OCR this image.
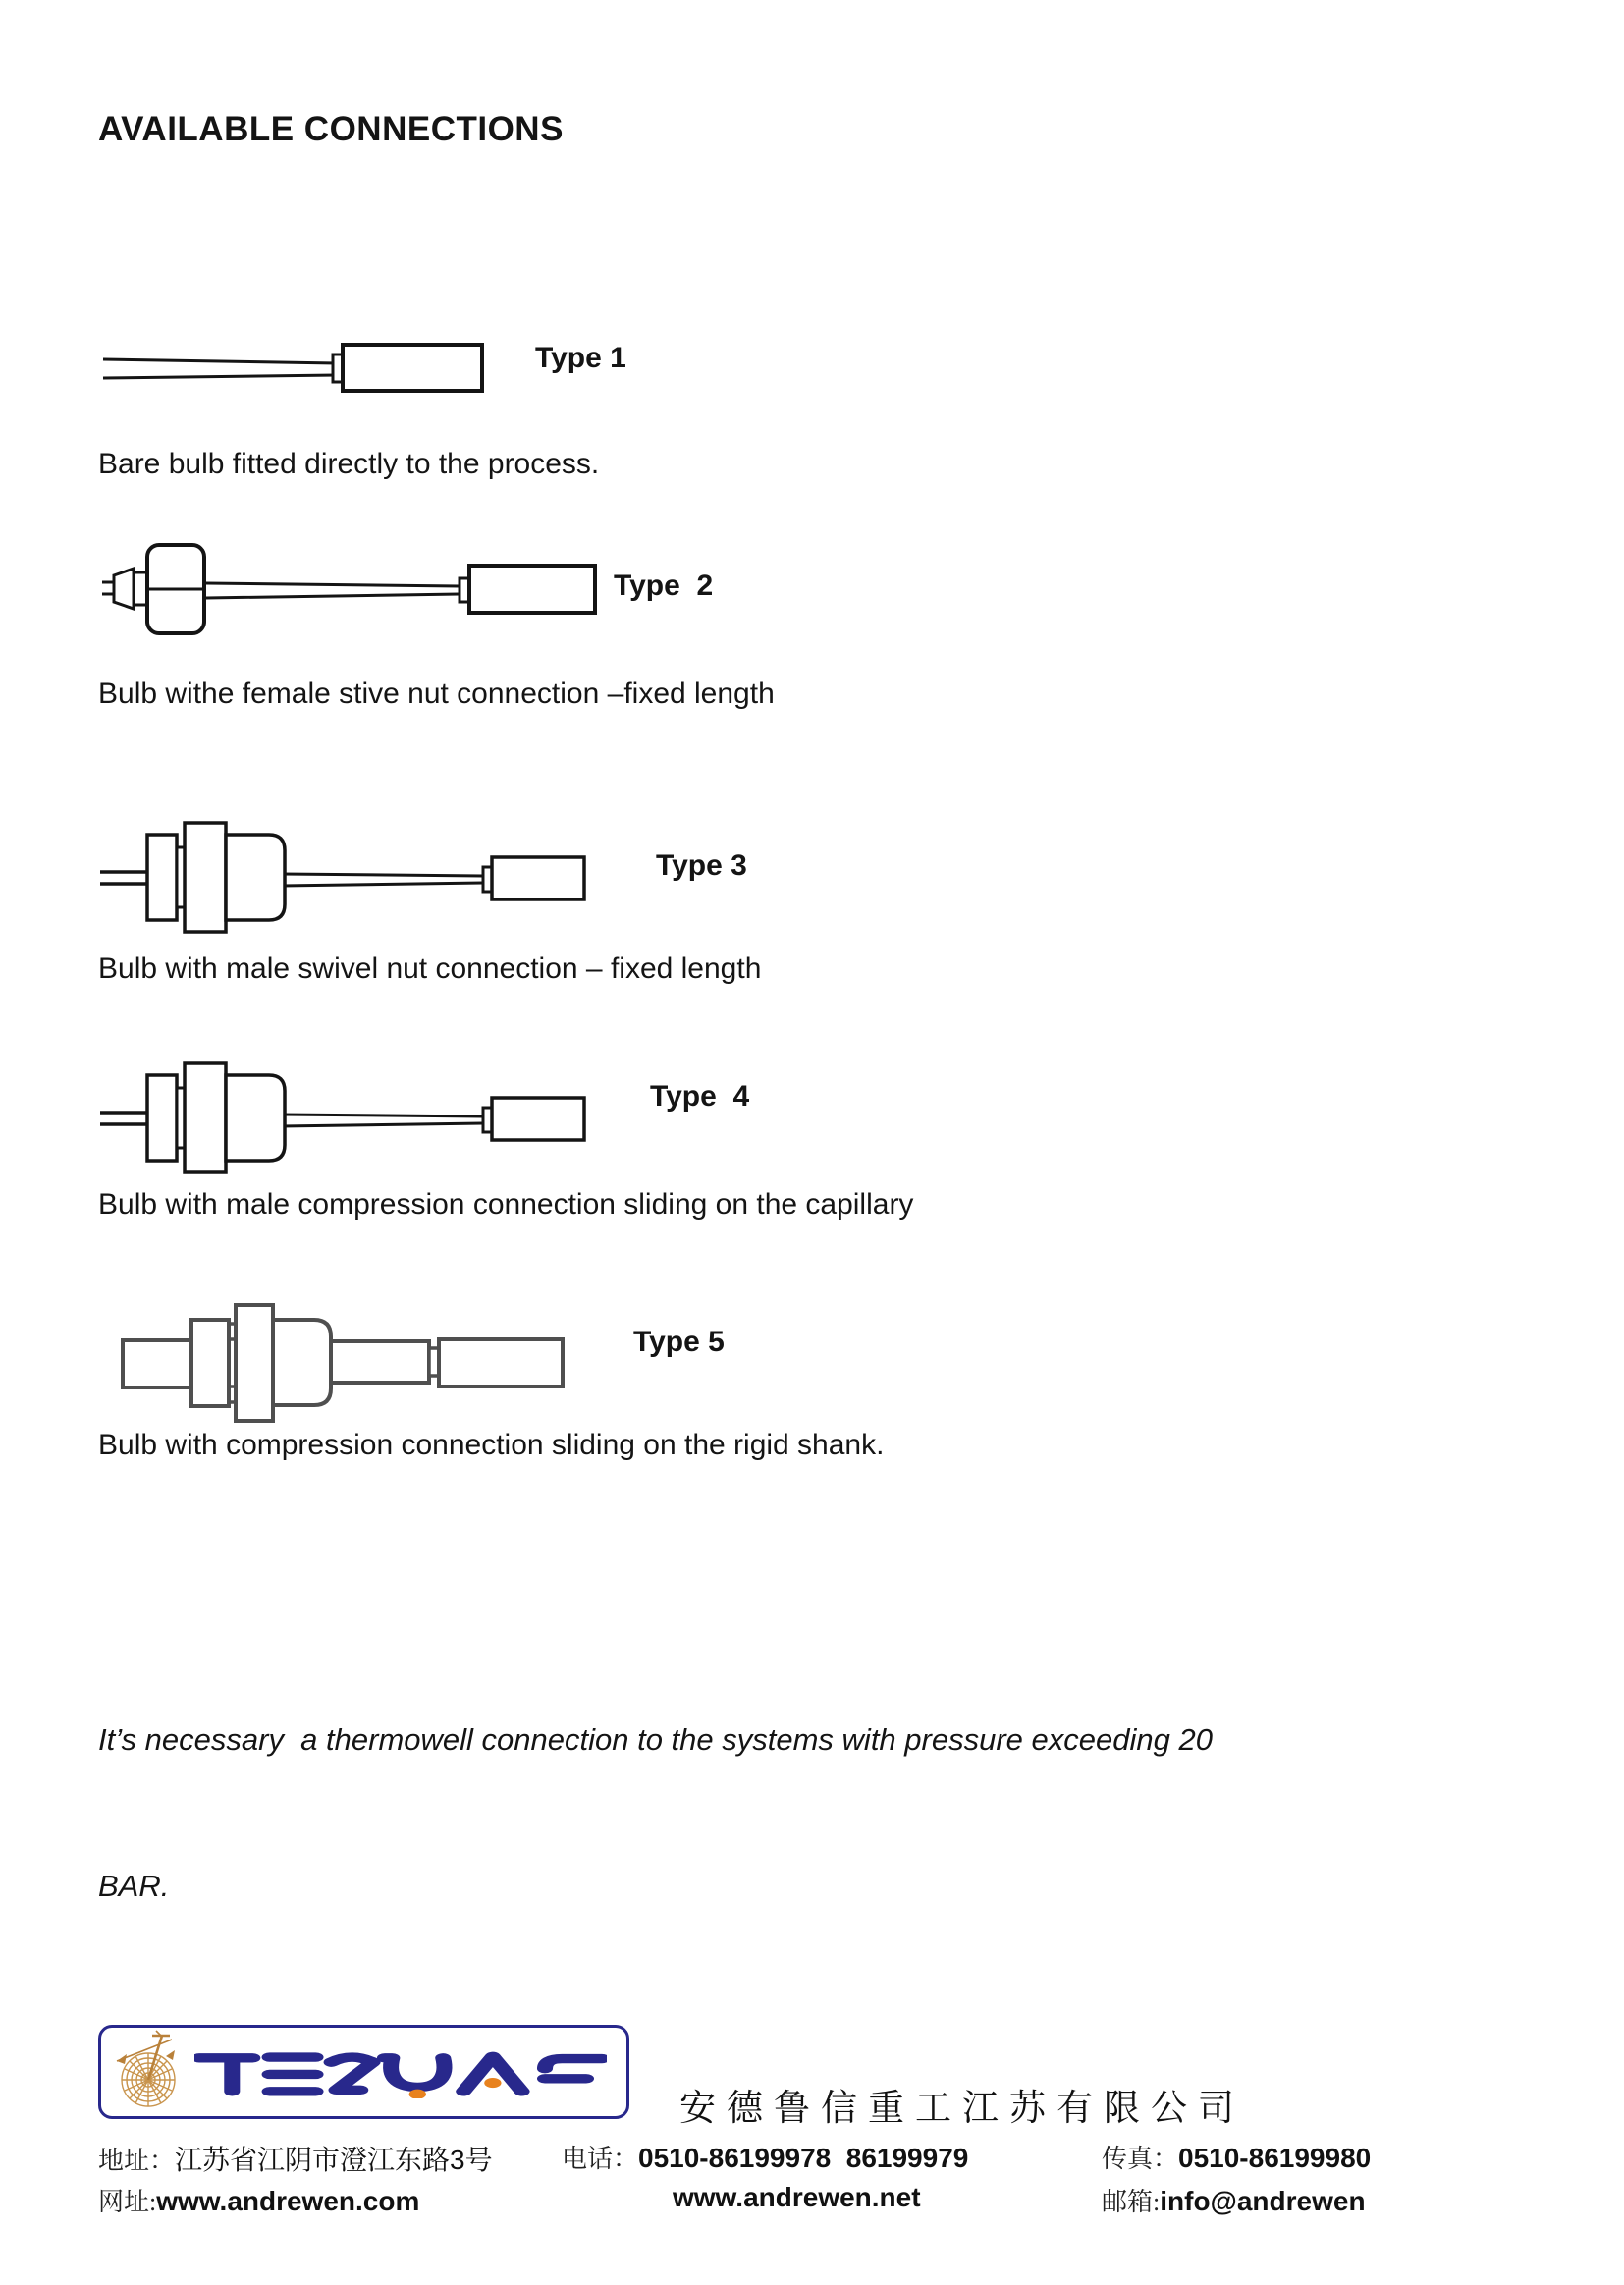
AVAILABLE CONNECTIONS
Type 1
Bare bulb fitted directly to the process.
Type  2
Bulb withe female stive nut connection –fixed length
Type 3
Bulb with male swivel nut connection – fixed length
Type  4
Bulb with male compression connection sliding on the capillary
Type 5
Bulb with compression connection sliding on the rigid shank.

It’s necessary  a thermowell connection to the systems with pressure exceeding 20

BAR.

安德鲁信重工江苏有限公司
地址：江苏省江阴市澄江东路3号	电话：0510-86199978  86199979	传真：0510-86199980
网址:www.andrewen.com	www.andrewen.net	邮箱:info@andrewen
